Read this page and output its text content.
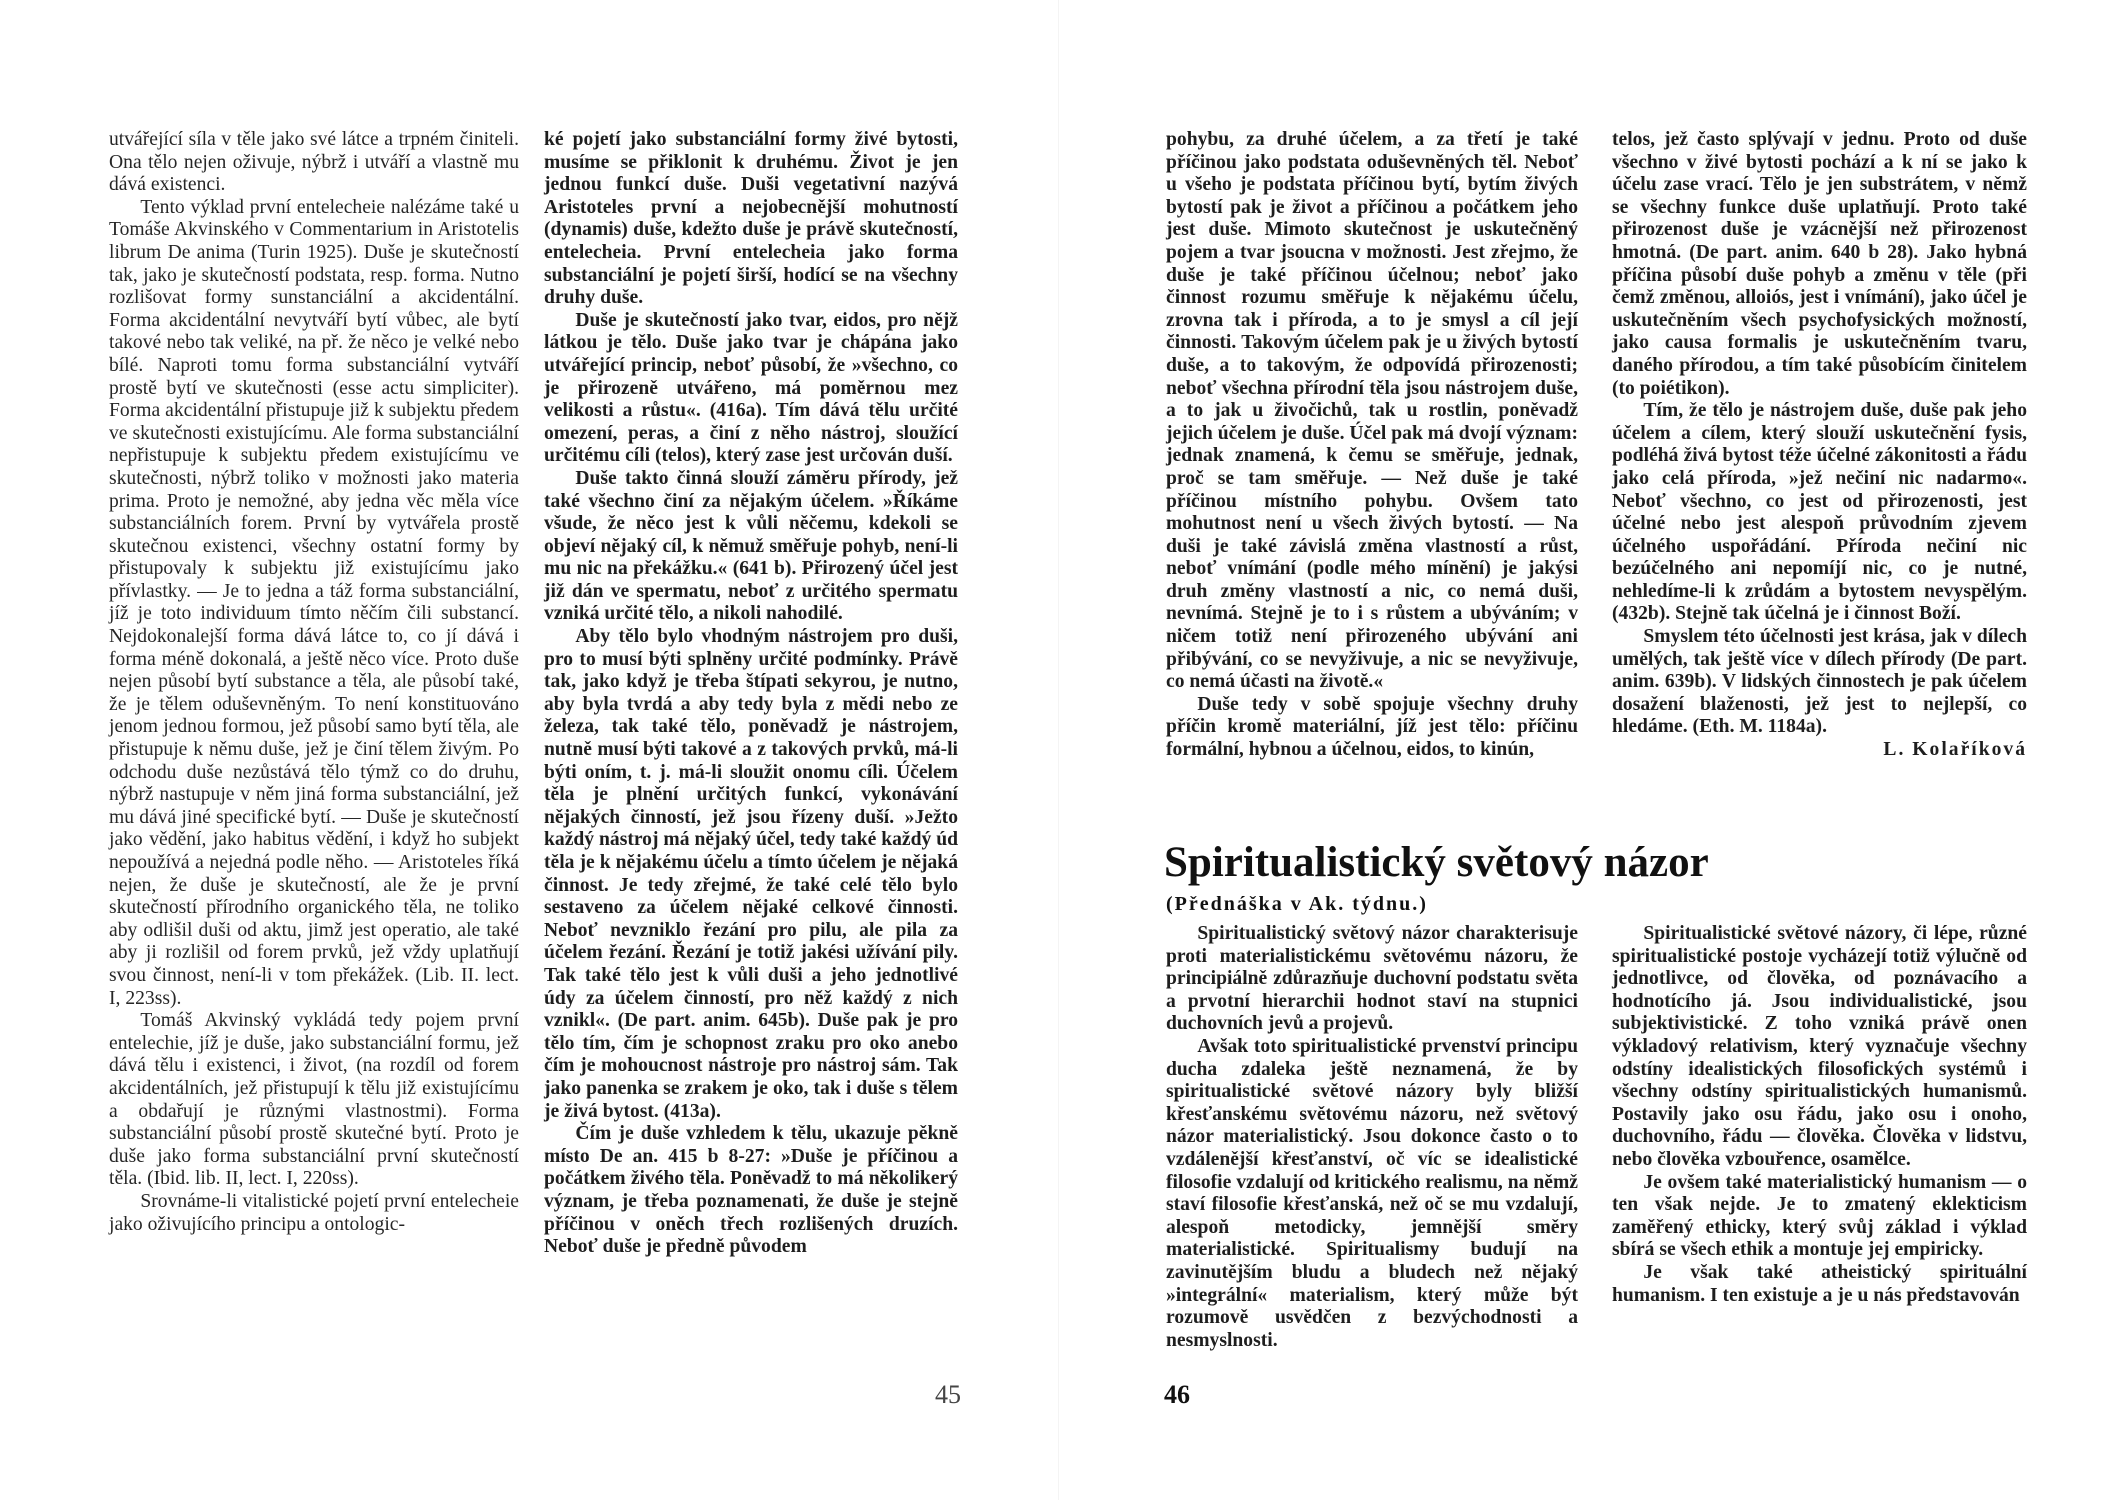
utvářející síla v těle jako své látce a trpném činiteli. Ona tělo nejen oživuje, nýbrž i utváří a vlastně mu dává existenci.

Tento výklad první entelecheie nalézáme také u Tomáše Akvinského v Commentarium in Aristotelis librum De anima (Turin 1925). Duše je skutečností tak, jako je skutečností podstata, resp. forma. Nutno rozlišovat formy sunstanciální a akcidentální. Forma akcidentální nevytváří bytí vůbec, ale bytí takové nebo tak veliké, na př. že něco je velké nebo bílé. Naproti tomu forma substanciální vytváří prostě bytí ve skutečnosti (esse actu simpliciter). Forma akcidentální přistupuje již k subjektu předem ve skutečnosti existujícímu. Ale forma substanciální nepřistupuje k subjektu předem existujícímu ve skutečnosti, nýbrž toliko v možnosti jako materia prima. Proto je nemožné, aby jedna věc měla více substanciálních forem. První by vytvářela prostě skutečnou existenci, všechny ostatní formy by přistupovaly k subjektu již existujícímu jako přívlastky. — Je to jedna a táž forma substanciální, jíž je toto individuum tímto něčím čili substancí. Nejdokonalejší forma dává látce to, co jí dává i forma méně dokonalá, a ještě něco více. Proto duše nejen působí bytí substance a těla, ale působí také, že je tělem oduševněným. To není konstituováno jenom jednou formou, jež působí samo bytí těla, ale přistupuje k němu duše, jež je činí tělem živým. Po odchodu duše nezůstává tělo týmž co do druhu, nýbrž nastupuje v něm jiná forma substanciální, jež mu dává jiné specifické bytí. — Duše je skutečností jako vědění, jako habitus vědění, i když ho subjekt nepoužívá a nejedná podle něho. — Aristoteles říká nejen, že duše je skutečností, ale že je první skutečností přírodního organického těla, ne toliko aby odlišil duši od aktu, jimž jest operatio, ale také aby ji rozlišil od forem prvků, jež vždy uplatňují svou činnost, není-li v tom překážek. (Lib. II. lect. I, 223ss).

Tomáš Akvinský vykládá tedy pojem první entelechie, jíž je duše, jako substanciální formu, jež dává tělu i existenci, i život, (na rozdíl od forem akcidentálních, jež přistupují k tělu již existujícímu a obdařují je různými vlastnostmi). Forma substanciální působí prostě skutečné bytí. Proto je duše jako forma substanciální první skutečností těla. (Ibid. lib. II, lect. I, 220ss).

Srovnáme-li vitalistické pojetí první entelecheie jako oživujícího principu a ontologic-

ké pojetí jako substanciální formy živé bytosti, musíme se přiklonit k druhému. Život je jen jednou funkcí duše. Duši vegetativní nazývá Aristoteles první a nejobecnější mohutností (dynamis) duše, kdežto duše je právě skutečností, entelecheia. První entelecheia jako forma substanciální je pojetí širší, hodící se na všechny druhy duše.

Duše je skutečností jako tvar, eidos, pro nějž látkou je tělo. Duše jako tvar je chápána jako utvářející princip, neboť působí, že »všechno, co je přirozeně utvářeno, má poměrnou mez velikosti a růstu«. (416a). Tím dává tělu určité omezení, peras, a činí z něho nástroj, sloužící určitému cíli (telos), který zase jest určován duší.

Duše takto činná slouží záměru přírody, jež také všechno činí za nějakým účelem. »Říkáme všude, že něco jest k vůli něčemu, kdekoli se objeví nějaký cíl, k němuž směřuje pohyb, není-li mu nic na překážku.« (641 b). Přirozený účel jest již dán ve spermatu, neboť z určitého spermatu vzniká určité tělo, a nikoli nahodilé.

Aby tělo bylo vhodným nástrojem pro duši, pro to musí býti splněny určité podmínky. Právě tak, jako když je třeba štípati sekyrou, je nutno, aby byla tvrdá a aby tedy byla z mědi nebo ze železa, tak také tělo, poněvadž je nástrojem, nutně musí býti takové a z takových prvků, má-li býti oním, t. j. má-li sloužit onomu cíli. Účelem těla je plnění určitých funkcí, vykonávání nějakých činností, jež jsou řízeny duší. »Ježto každý nástroj má nějaký účel, tedy také každý úd těla je k nějakému účelu a tímto účelem je nějaká činnost. Je tedy zřejmé, že také celé tělo bylo sestaveno za účelem nějaké celkové činnosti. Neboť nevzniklo řezání pro pilu, ale pila za účelem řezání. Řezání je totiž jakési užívání pily. Tak také tělo jest k vůli duši a jeho jednotlivé údy za účelem činností, pro něž každý z nich vznikl«. (De part. anim. 645b). Duše pak je pro tělo tím, čím je schopnost zraku pro oko anebo čím je mohoucnost nástroje pro nástroj sám. Tak jako panenka se zrakem je oko, tak i duše s tělem je živá bytost. (413a).

Čím je duše vzhledem k tělu, ukazuje pěkně místo De an. 415 b 8-27: »Duše je příčinou a počátkem živého těla. Poněvadž to má několikerý význam, je třeba poznamenati, že duše je stejně příčinou v oněch třech rozlišených druzích. Neboť duše je předně původem

45

pohybu, za druhé účelem, a za třetí je také příčinou jako podstata oduševněných těl. Neboť u všeho je podstata příčinou bytí, bytím živých bytostí pak je život a příčinou a počátkem jeho jest duše. Mimoto skutečnost je uskutečněný pojem a tvar jsoucna v možnosti. Jest zřejmo, že duše je také příčinou účelnou; neboť jako činnost rozumu směřuje k nějakému účelu, zrovna tak i příroda, a to je smysl a cíl její činnosti. Takovým účelem pak je u živých bytostí duše, a to takovým, že odpovídá přirozenosti; neboť všechna přírodní těla jsou nástrojem duše, a to jak u živočichů, tak u rostlin, poněvadž jejich účelem je duše. Účel pak má dvojí význam: jednak znamená, k čemu se směřuje, jednak, proč se tam směřuje. — Než duše je také příčinou místního pohybu. Ovšem tato mohutnost není u všech živých bytostí. — Na duši je také závislá změna vlastností a růst, neboť vnímání (podle mého mínění) je jakýsi druh změny vlastností a nic, co nemá duši, nevnímá. Stejně je to i s růstem a ubýváním; v ničem totiž není přirozeného ubývání ani přibývání, co se nevyživuje, a nic se nevyživuje, co nemá účasti na životě.«

Duše tedy v sobě spojuje všechny druhy příčin kromě materiální, jíž jest tělo: příčinu formální, hybnou a účelnou, eidos, to kinún,

telos, jež často splývají v jednu. Proto od duše všechno v živé bytosti pochází a k ní se jako k účelu zase vrací. Tělo je jen substrátem, v němž se všechny funkce duše uplatňují. Proto také přirozenost duše je vzácnější než přirozenost hmotná. (De part. anim. 640 b 28). Jako hybná příčina působí duše pohyb a změnu v těle (při čemž změnou, alloiós, jest i vnímání), jako účel je uskutečněním všech psychofysických možností, jako causa formalis je uskutečněním tvaru, daného přírodou, a tím také působícím činitelem (to poiétikon).

Tím, že tělo je nástrojem duše, duše pak jeho účelem a cílem, který slouží uskutečnění fysis, podléhá živá bytost téže účelné zákonitosti a řádu jako celá příroda, »jež nečiní nic nadarmo«. Neboť všechno, co jest od přirozenosti, jest účelné nebo jest alespoň průvodním zjevem účelného uspořádání. Příroda nečiní nic bezúčelného ani nepomíjí nic, co je nutné, nehledíme-li k zrůdám a bytostem nevyspělým. (432b). Stejně tak účelná je i činnost Boží.

Smyslem této účelnosti jest krása, jak v dílech umělých, tak ještě více v dílech přírody (De part. anim. 639b). V lidských činnostech je pak účelem dosažení blaženosti, jež jest to nejlepší, co hledáme. (Eth. M. 1184a).

L. Kolaříková

Spiritualistický světový názor
(Přednáška v Ak. týdnu.)

Spiritualistický světový názor charakterisuje proti materialistickému světovému názoru, že principiálně zdůrazňuje duchovní podstatu světa a prvotní hierarchii hodnot staví na stupnici duchovních jevů a projevů.

Avšak toto spiritualistické prvenství principu ducha zdaleka ještě neznamená, že by spiritualistické světové názory byly bližší křesťanskému světovému názoru, než světový názor materialistický. Jsou dokonce často o to vzdálenější křesťanství, oč víc se idealistické filosofie vzdalují od kritického realismu, na němž staví filosofie křesťanská, než oč se mu vzdalují, alespoň metodicky, jemnější směry materialistické. Spiritualismy budují na zavinutějším bludu a bludech než nějaký »integrální« materialism, který může být rozumově usvědčen z bezvýchodnosti a nesmyslnosti.

Spiritualistické světové názory, či lépe, různé spiritualistické postoje vycházejí totiž výlučně od jednotlivce, od člověka, od poznávacího a hodnotícího já. Jsou individualistické, jsou subjektivistické. Z toho vzniká právě onen výkladový relativism, který vyznačuje všechny odstíny idealistických filosofických systémů i všechny odstíny spiritualistických humanismů. Postavily jako osu řádu, jako osu i onoho, duchovního, řádu — člověka. Člověka v lidstvu, nebo člověka vzbouřence, osamělce.

Je ovšem také materialistický humanism — o ten však nejde. Je to zmatený eklekticism zaměřený ethicky, který svůj základ i výklad sbírá se všech ethik a montuje jej empiricky.

Je však také atheistický spirituální humanism. I ten existuje a je u nás představován

46
